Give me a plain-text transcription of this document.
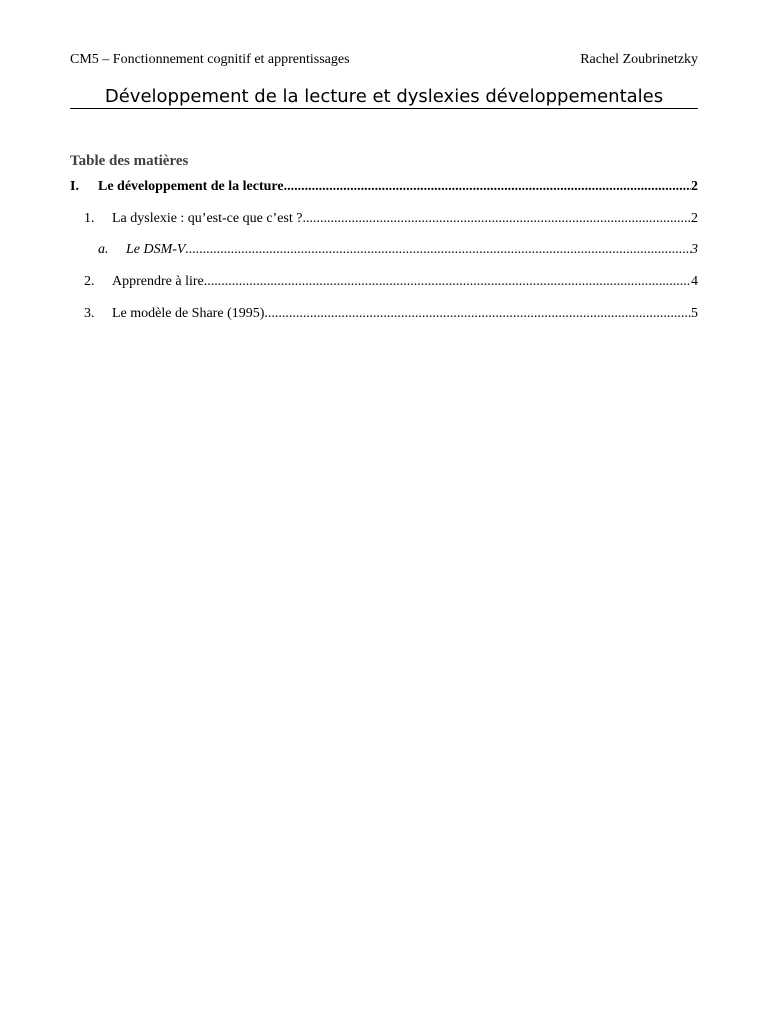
CM5 – Fonctionnement cognitif et apprentissages	Rachel Zoubrinetzky
Développement de la lecture et dyslexies développementales
Table des matières
I.	Le développement de la lecture .....	2
1.	La dyslexie : qu’est-ce que c’est ? .....	2
a.	Le DSM-V .....	3
2.	Apprendre à lire .....	4
3.	Le modèle de Share (1995) .....	5
